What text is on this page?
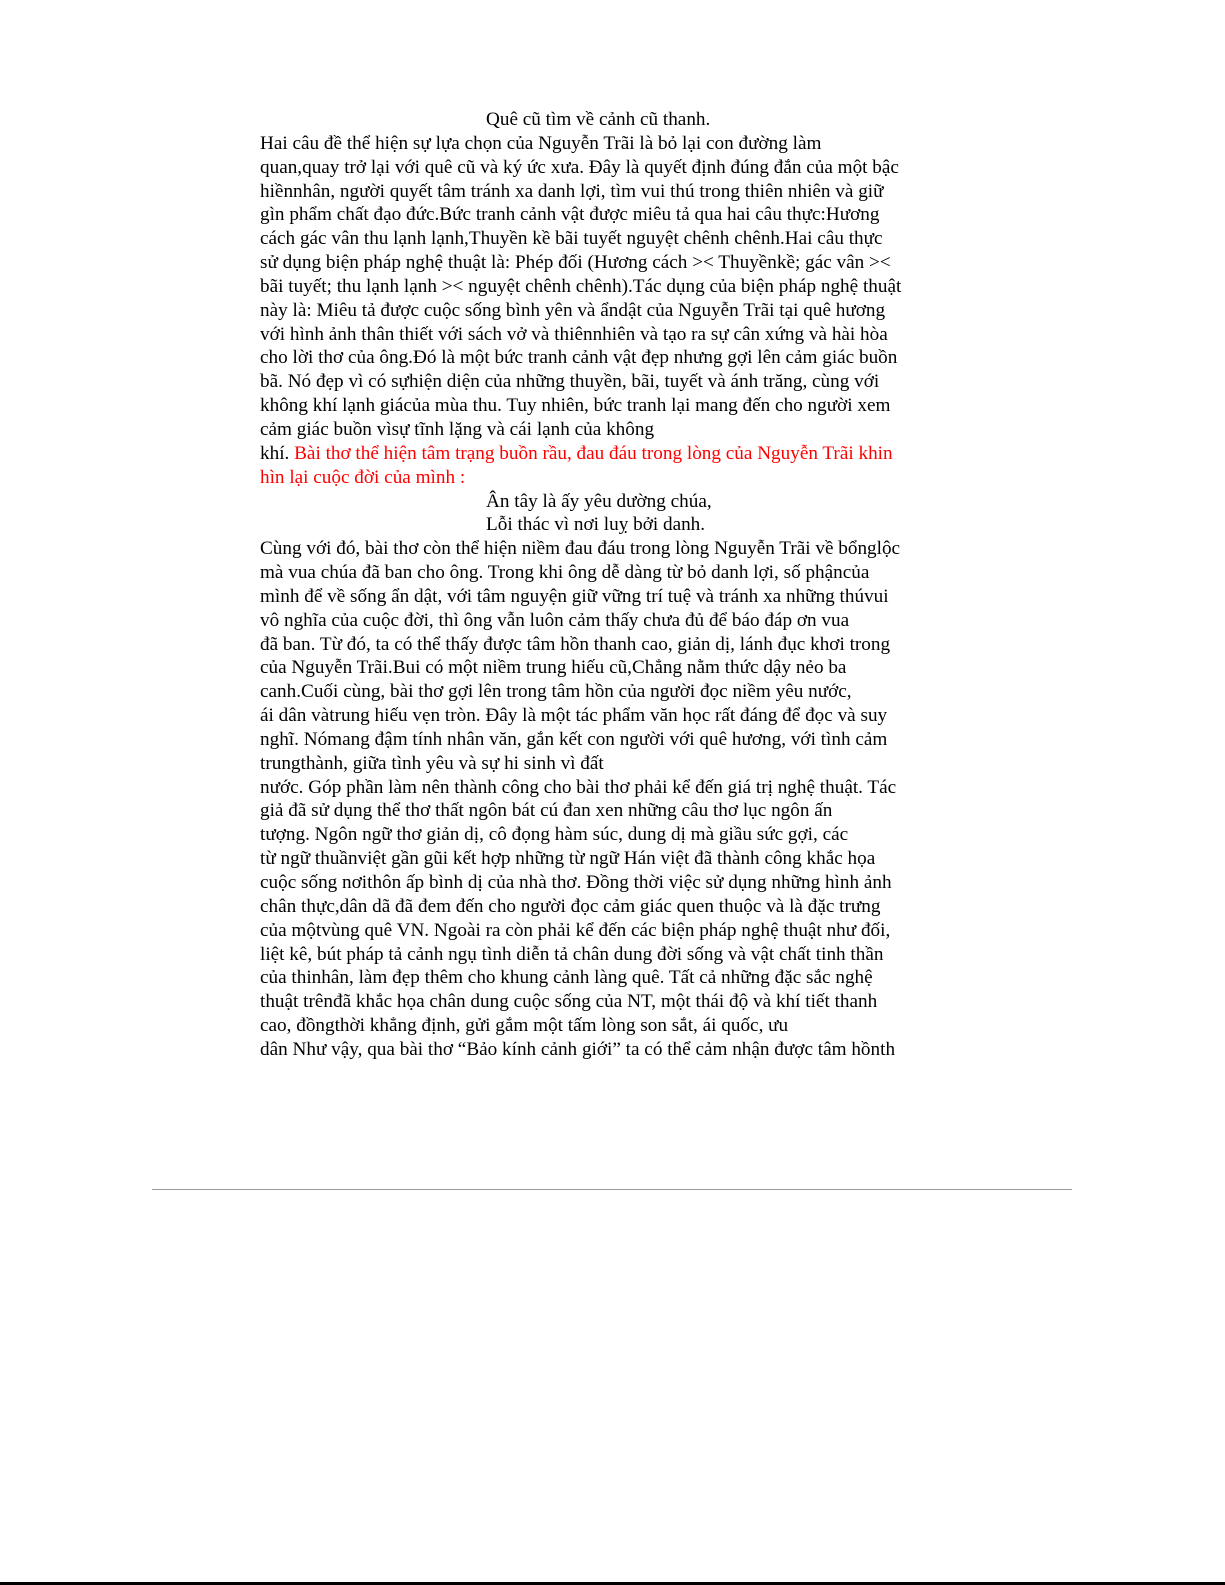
Quê cũ tìm về cảnh cũ thanh.
Hai câu đề thể hiện sự lựa chọn của Nguyễn Trãi là bỏ lại con đường làm
quan,quay trở lại với quê cũ và ký ức xưa. Đây là quyết định đúng đắn của một bậc
hiềnnhân, người quyết tâm tránh xa danh lợi, tìm vui thú trong thiên nhiên và giữ
gìn phẩm chất đạo đức.Bức tranh cảnh vật được miêu tả qua hai câu thực:Hương
cách gác vân thu lạnh lạnh,Thuyền kề bãi tuyết nguyệt chênh chênh.Hai câu thực
sử dụng biện pháp nghệ thuật là: Phép đối (Hương cách >< Thuyềnkề; gác vân ><
bãi tuyết; thu lạnh lạnh >< nguyệt chênh chênh).Tác dụng của biện pháp nghệ thuật
này là: Miêu tả được cuộc sống bình yên và ẩndật của Nguyễn Trãi tại quê hương
với hình ảnh thân thiết với sách vở và thiênnhiên và tạo ra sự cân xứng và hài hòa
cho lời thơ của ông.Đó là một bức tranh cảnh vật đẹp nhưng gợi lên cảm giác buồn
bã. Nó đẹp vì có sựhiện diện của những thuyền, bãi, tuyết và ánh trăng, cùng với
không khí lạnh giácủa mùa thu. Tuy nhiên, bức tranh lại mang đến cho người xem
cảm giác buồn vìsự tĩnh lặng và cái lạnh của không
khí. Bài thơ thể hiện tâm trạng buồn rầu, đau đáu trong lòng của Nguyễn Trãi khin
hìn lại cuộc đời của mình :
Ân tây là ấy yêu dường chúa,
Lỗi thác vì nơi luỵ bởi danh.
Cùng với đó, bài thơ còn thể hiện niềm đau đáu trong lòng Nguyễn Trãi về bổnglộc
mà vua chúa đã ban cho ông. Trong khi ông dễ dàng từ bỏ danh lợi, số phậncủa
mình để về sống ẩn dật, với tâm nguyện giữ vững trí tuệ và tránh xa những thúvui
vô nghĩa của cuộc đời, thì ông vẫn luôn cảm thấy chưa đủ để báo đáp ơn vua
đã ban. Từ đó, ta có thể thấy được tâm hồn thanh cao, giản dị, lánh đục khơi trong
của Nguyễn Trãi.Bui có một niềm trung hiếu cũ,Chẳng nằm thức dậy nẻo ba
canh.Cuối cùng, bài thơ gợi lên trong tâm hồn của người đọc niềm yêu nước,
ái dân vàtrung hiếu vẹn tròn. Đây là một tác phẩm văn học rất đáng để đọc và suy
nghĩ. Nómang đậm tính nhân văn, gắn kết con người với quê hương, với tình cảm
trungthành, giữa tình yêu và sự hi sinh vì đất
nước. Góp phần làm nên thành công cho bài thơ phải kể đến giá trị nghệ thuật. Tác
giả đã sử dụng thể thơ thất ngôn bát cú đan xen những câu thơ lục ngôn ấn
tượng. Ngôn ngữ thơ giản dị, cô đọng hàm súc, dung dị mà giầu sức gợi, các
từ ngữ thuầnviệt gần gũi kết hợp những từ ngữ Hán việt đã thành công khắc họa
cuộc sống nơithôn ấp bình dị của nhà thơ. Đồng thời việc sử dụng những hình ảnh
chân thực,dân dã đã đem đến cho người đọc cảm giác quen thuộc và là đặc trưng
của mộtvùng quê VN. Ngoài ra còn phải kể đến các biện pháp nghệ thuật như đối,
liệt kê, bút pháp tả cảnh ngụ tình diễn tả chân dung đời sống và vật chất tinh thần
của thinhân, làm đẹp thêm cho khung cảnh làng quê. Tất cả những đặc sắc nghệ
thuật trênđã khắc họa chân dung cuộc sống của NT, một thái độ và khí tiết thanh
cao, đồngthời khẳng định, gửi gắm một tấm lòng son sắt, ái quốc, ưu
dân Như vậy, qua bài thơ “Bảo kính cảnh giới” ta có thể cảm nhận được tâm hồnth
